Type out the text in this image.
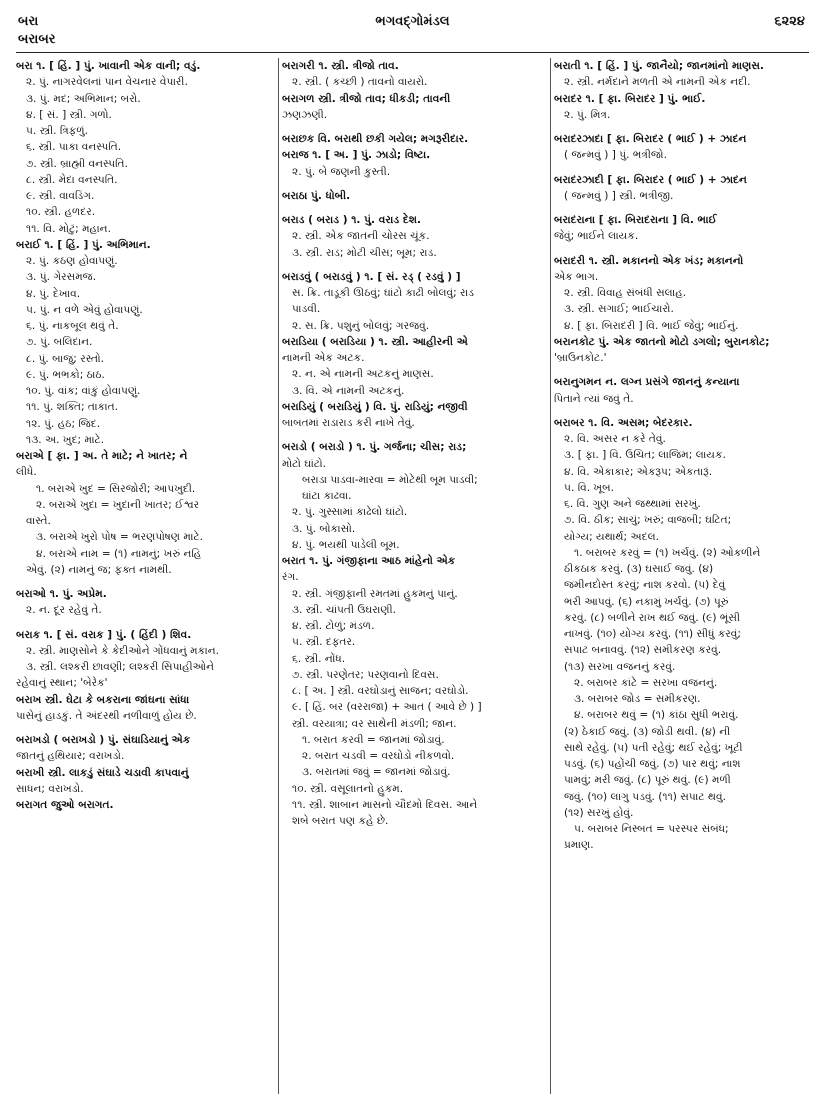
બરા
બરાબર
ભગવદ્ગોમંડલ	૬૨૨૪
બરા ૧. [ હિં. ] પું. ખાવાની એક વાની; વડું.
૨. પું. નાગરવેલનાં પાન વેચનાર વેપારી.
૩. પું. મદ; અભિમાન; બરો.
૪. [ સં. ] સ્ત્રી. ગળો.
૫. સ્ત્રી. ત્રિફળું.
૬. સ્ત્રી. પાકા વનસ્પતિ.
૭. સ્ત્રી. બ્રાહ્મી વનસ્પતિ.
૮. સ્ત્રી. મેદા વનસ્પતિ.
૯. સ્ત્રી. વાવડિંગ.
૧૦. સ્ત્રી. હળદર.
૧૧. વિ. મોટું; મહાન.
બરાઈ ૧. [ હિં. ] પું. અભિમાન.
૨. પું. કઠણ હોવાપણું.
૩. પું. ગેરસમજ.
૪. પું. દેખાવ.
૫. પું. ન વળે એવું હોવાપણું.
૬. પું. નાકબૂલ થવું તે.
૭. પું. બલિદાન.
૮. પું. બાજુ; રસ્તો.
૯. પું. ભભકો; ઠાઠ.
૧૦. પું. વાંક; વાંકું હોવાપણું.
૧૧. પું. શક્તિ; તાકાત.
૧૨. પું. હઠ; જિદ.
૧૩. અ. ખુદ; માટે.
બરાએ [ ફા. ] અ. તે માટે; ને ખાતર; ને
લીધે.
૧. બરાએ ખુદ = સિરજોરી; આપખુદી.
૨. બરાએ ખુદા = ખુદાની ખાતર; ઈશ્વર
વાસ્તે.
૩. બરાએ ખુરો પોષ = ભરણપોષણ માટે.
૪. બરાએ નામ = (૧) નામનું; ખરું નહિ
એવું. (૨) નામનું જ; ફક્ત નામથી.
બરાઓ ૧. પું. અપ્રેમ.
૨. ન. દૂર રહેવું તે.
બરાક ૧. [ સં. વરાક ] પું. ( હિંદી ) શિવ.
૨. સ્ત્રી. માણસોને કે કેદીઓને ગોંધવાનું મકાન.
૩. સ્ત્રી. લશ્કરી છાવણી; લશ્કરી સિપાહીઓને
રહેવાનું સ્થાન; 'બેરેક'
બરાખ સ્ત્રી. ઘેટા કે બકરાના જાંઘના સાંધા
પાસેનું હાડકું. તે અંદરથી નળીવાળું હોય છે.
બરાખડો ( બરાખડો ) પું. સંઘાડિયાનું એક
જાતનું હથિયાર; વરાખડો.
બરાખી સ્ત્રી. લાકડું સંઘાડે ચડાવી કાપવાનું
સાધન; વરાખડો.
બરાગત જુઓ બરાગત.
બરાગરી ૧. સ્ત્રી. ત્રીજો તાવ.
૨. સ્ત્રી. ( કચ્છી ) તાવનો વાયરો.
બરાગળ સ્ત્રી. ત્રીજો તાવ; ધીકડી; તાવની
ઝણઝણી.
બરાછક વિ. બરાથી છકી ગયેલ; મગરૂરીદાર.
બરાજ ૧. [ અ. ] પું. ઝાડો; વિષ્ટા.
૨. પું. બે જણની કુસ્તી.
બરાઠા પું. ધોબી.
બરાડ ( બરાડ ) ૧. પું. વરાડ દેશ.
૨. સ્ત્રી. એક જાતની ચોરસ ચૂંક.
૩. સ્ત્રી. રાડ; મોટી ચીસ; બૂમ; રાડ.
બરાડવું ( બરાડવું ) ૧. [ સં. રડ્ ( રડવું ) ]
સ. ક્રિ. તાડૂકી ઊઠવું; ઘાંટો કાઢી બોલવું; રાડ
પાડવી.
૨. સ. ક્રિ. પશુનું બોલવું; ગરજવું.
બરાડિયા ( બરાડિયા ) ૧. સ્ત્રી. આહીરની એ
નામની એક અટક.
૨. ન. એ નામની અટકનું માણસ.
૩. વિ. એ નામની અટકનું.
બરાડિયું ( બરાડિયું ) વિ. પું. રાડિયું; નજીવી
બાબતમાં રાડારાડ કરી નાખે તેવું.
બરાડો ( બરાડો ) ૧. પું. ગર્જના; ચીસ; રાડ;
મોટો ઘાંટો.
બરાડા પાડવા-મારવા = મોટેથી બૂમ પાડવી;
ઘાંટા કાઢવા.
૨. પું. ગુસ્સામાં કાઢેલો ઘાંટો.
૩. પું. બોકાસો.
૪. પું. ભયથી પાડેલી બૂમ.
બરાત ૧. પું. ગંજીફાના આઠ માંહેનો એક
રંગ.
૨. સ્ત્રી. ગંજીફાની રમતમાં હુકમનું પાનું.
૩. સ્ત્રી. ચાંપતી ઉઘરાણી.
૪. સ્ત્રી. ટોળું; મંડળ.
૫. સ્ત્રી. દફતર.
૬. સ્ત્રી. નોંધ.
૭. સ્ત્રી. પરણેતર; પરણવાનો દિવસ.
૮. [ અ. ] સ્ત્રી. વરઘોડાનું સાજન; વરઘોડો.
૯. [ હિં. બર (વરરાજા) + આત ( આવે છે ) ]
સ્ત્રી. વરયાત્રા; વર સાથેની મંડળી; જાન.
૧. બરાત કરવી = જાનમાં જોડાવું.
૨. બરાત ચડવી = વરઘોડો નીકળવો.
૩. બરાતમાં જવું = જાનમાં જોડાવું.
૧૦. સ્ત્રી. વસૂલાતનો હુકમ.
૧૧. સ્ત્રી. શાબાન માસનો ચૌદમો દિવસ. આને
શબે બરાત પણ કહે છે.
બરાતી ૧. [ હિં. ] પું. જાનૈયો; જાનમાંનો માણસ.
૨. સ્ત્રી. નર્મદાને મળતી એ નામની એક નદી.
બરાદર ૧. [ ફા. બિરાદર ] પું. ભાઈ.
૨. પું. મિત્ર.
બરાદરઝાદા [ ફા. બિરાદર ( ભાઈ ) + ઝાદન
( જન્મવું ) ] પું. ભત્રીજો.
બરાદરઝાદી [ ફા. બિરાદર ( ભાઈ ) + ઝાદન
( જન્મવું ) ] સ્ત્રી. ભત્રીજી.
બરાદરાના [ ફા. બિરાદરાના ] વિ. ભાઈ
જેવું; ભાઈને લાયક.
બરાદરી ૧. સ્ત્રી. મકાનનો એક ખંડ; મકાનનો
એક ભાગ.
૨. સ્ત્રી. વિવાહ સંબંધી સલાહ.
૩. સ્ત્રી. સગાઈ; ભાઈચારો.
૪. [ ફા. બિરાદરી ] વિ. ભાઈ જેવું; ભાઈનું.
બરાનકોટ પું. એક જાતનો મોટો ડગલો; બુરાનકોટ;
'બ્રાઉનકોટ.'
બરાનુગમન ન. લગ્ન પ્રસંગે જાનનું કન્યાના
પિતાને ત્યાં જવું તે.
બરાબર ૧. વિ. અસમ; બેદરકાર.
૨. વિ. અસર ન કરે તેવું.
૩. [ ફા. ] વિ. ઉચિત; લાજિમ; લાયક.
૪. વિ. એકાકાર; એકરૂપ; એકતારૂં.
૫. વિ. ખૂબ.
૬. વિ. ગુણ અને જથ્થામાં સરખું.
૭. વિ. ઠીક; સાચું; ખરું; વાજબી; ઘટિત;
યોગ્ય; યથાર્થ; અદલ.
૧. બરાબર કરવું = (૧) ખર્ચવું. (૨) ઓકળીને
ઠીકઠાક કરવું. (૩) ઘસાઈ જવું. (૪)
જમીનદોસ્ત કરવું; નાશ કરવો. (૫) દેવું
ભરી આપવું. (૬) નકામું ખર્ચવું. (૭) પૂરું
કરવું. (૮) બળીને રાખ થઈ જવું. (૯) ભૂંસી
નાખવું. (૧૦) યોગ્ય કરવું. (૧૧) સીધું કરવું;
સપાટ બનાવવું. (૧૨) સમીકરણ કરવું.
(૧૩) સરખા વજનનું કરવું.
૨. બરાબર કાંટે = સરખા વજનનું.
૩. બરાબર જોડ = સમીકરણ.
૪. બરાબર થવું = (૧) કાંઠા સુધી ભરાવું.
(૨) ઠેકાઈ જવું. (૩) જોડી થવી. (૪) ની
સાથે રહેવું. (૫) પતી રહેવું; થઈ રહેવું; ખૂટી
પડવું. (૬) પહોંચી જવું. (૭) પાર થવું; નાશ
પામવું; મરી જવું. (૮) પૂરું થવું. (૯) મળી
જવું. (૧૦) લાગુ પડવું. (૧૧) સપાટ થવું.
(૧૨) સરખું હોવું.
૫. બરાબર નિસ્બત = પરસ્પર સંબંધ;
પ્રમાણ.
